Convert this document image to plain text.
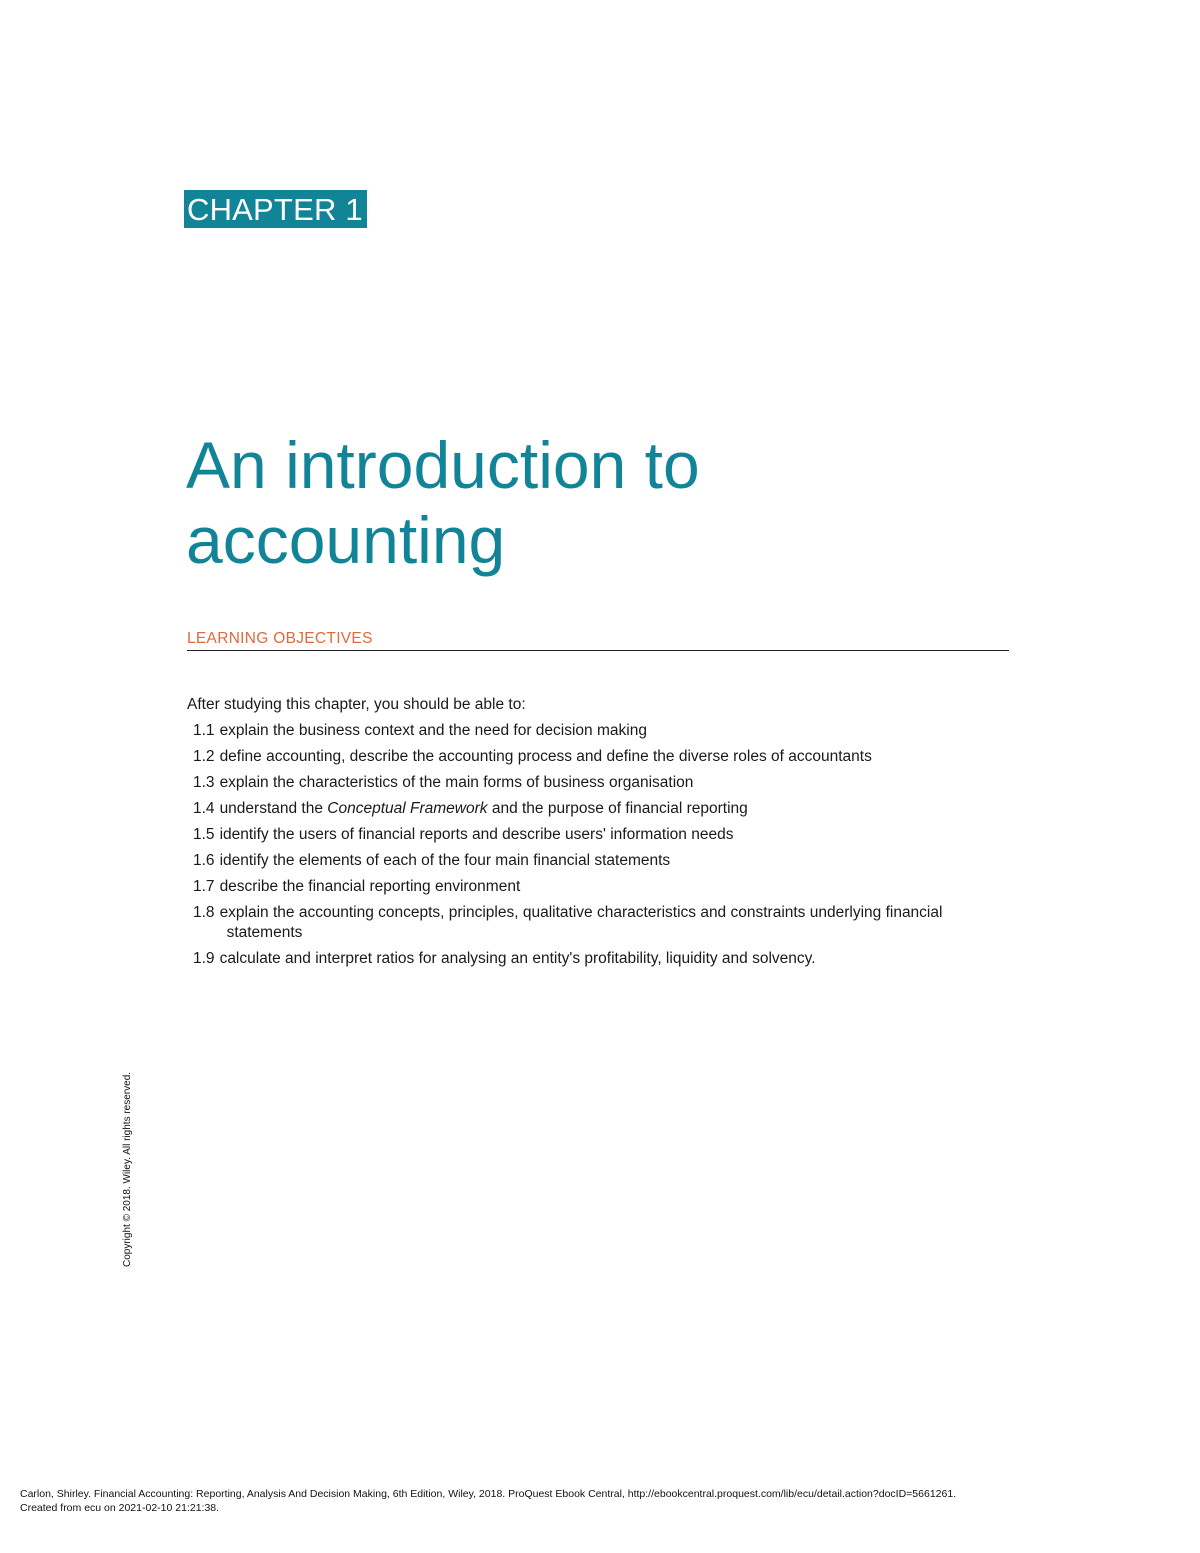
CHAPTER 1
An introduction to
accounting
LEARNING OBJECTIVES
After studying this chapter, you should be able to:
1.1 explain the business context and the need for decision making
1.2 define accounting, describe the accounting process and define the diverse roles of accountants
1.3 explain the characteristics of the main forms of business organisation
1.4 understand the Conceptual Framework and the purpose of financial reporting
1.5 identify the users of financial reports and describe users' information needs
1.6 identify the elements of each of the four main financial statements
1.7 describe the financial reporting environment
1.8 explain the accounting concepts, principles, qualitative characteristics and constraints underlying financial
statements
1.9 calculate and interpret ratios for analysing an entity's profitability, liquidity and solvency.
Copyright © 2018. Wiley. All rights reserved.
Carlon, Shirley. Financial Accounting: Reporting, Analysis And Decision Making, 6th Edition, Wiley, 2018. ProQuest Ebook Central, http://ebookcentral.proquest.com/lib/ecu/detail.action?docID=5661261.
Created from ecu on 2021-02-10 21:21:38.
